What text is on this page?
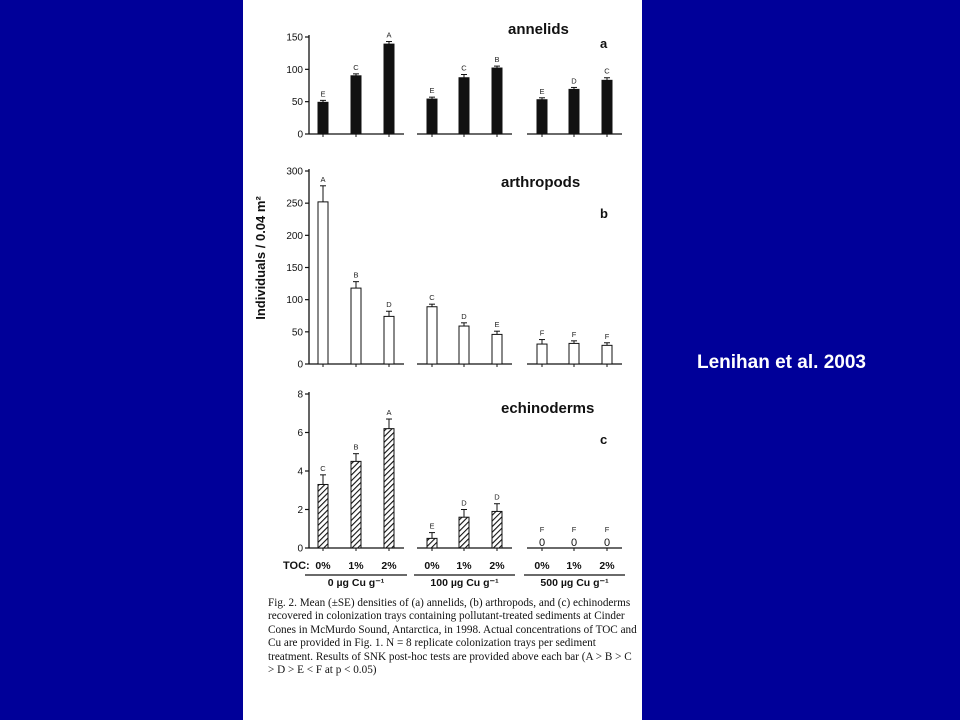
annelids
a
0
50
100
150
E
C
A
E
C
B
E
D
C
arthropods
b
0
50
100
150
200
250
300
A
B
D
C
D
E
F	F	F
echinoderms
c
0
2
4
6
8
C
B
A
E
D
D
0
F
0
F
0
F
Individuals / 0.04 m²
TOC: 0% 1% 2%	0% 1% 2%	0% 1% 2%
0 µg Cu g⁻¹	100 µg Cu g⁻¹	500 µg Cu g⁻¹
Fig. 2. Mean (±SE) densities of (a) annelids, (b) arthropods, and (c) echinoderms recovered in colonization trays containing pollutant-treated sediments at Cinder Cones in McMurdo Sound, Antarctica, in 1998. Actual concentrations of TOC and Cu are provided in Fig. 1. N = 8 replicate colonization trays per sediment treatment. Results of SNK post-hoc tests are provided above each bar (A > B > C > D > E < F at p < 0.05)
Lenihan et al. 2003
